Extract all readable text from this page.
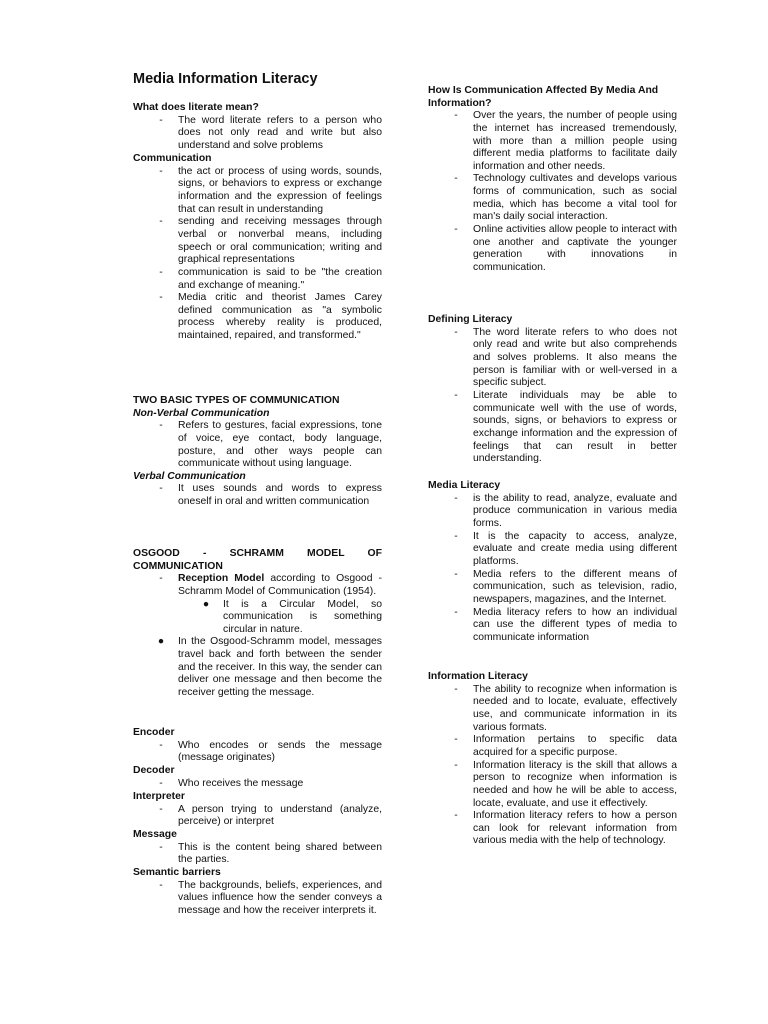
Media Information Literacy
What does literate mean?
-	The word literate refers to a person who does not only read and write but also understand and solve problems
Communication
-	the act or process of using words, sounds, signs, or behaviors to express or exchange information and the expression of feelings that can result in understanding
-	sending and receiving messages through verbal or nonverbal means, including speech or oral communication; writing and graphical representations
-	communication is said to be "the creation and exchange of meaning."
-	Media critic and theorist James Carey defined communication as "a symbolic process whereby reality is produced, maintained, repaired, and transformed."
TWO BASIC TYPES OF COMMUNICATION
Non-Verbal Communication
-	Refers to gestures, facial expressions, tone of voice, eye contact, body language, posture, and other ways people can communicate without using language.
Verbal Communication
-	It uses sounds and words to express oneself in oral and written communication
OSGOOD - SCHRAMM MODEL OF COMMUNICATION
-	Reception Model according to Osgood - Schramm Model of Communication (1954).
● It is a Circular Model, so communication is something circular in nature.
● In the Osgood-Schramm model, messages travel back and forth between the sender and the receiver. In this way, the sender can deliver one message and then become the receiver getting the message.
Encoder
-	Who encodes or sends the message (message originates)
Decoder
-	Who receives the message
Interpreter
-	A person trying to understand (analyze, perceive) or interpret
Message
-	This is the content being shared between the parties.
Semantic barriers
-	The backgrounds, beliefs, experiences, and values influence how the sender conveys a message and how the receiver interprets it.
How Is Communication Affected By Media And Information?
-	Over the years, the number of people using the internet has increased tremendously, with more than a million people using different media platforms to facilitate daily information and other needs.
-	Technology cultivates and develops various forms of communication, such as social media, which has become a vital tool for man's daily social interaction.
-	Online activities allow people to interact with one another and captivate the younger generation with innovations in communication.
Defining Literacy
-	The word literate refers to who does not only read and write but also comprehends and solves problems. It also means the person is familiar with or well-versed in a specific subject.
-	Literate individuals may be able to communicate well with the use of words, sounds, signs, or behaviors to express or exchange information and the expression of feelings that can result in better understanding.
Media Literacy
-	is the ability to read, analyze, evaluate and produce communication in various media forms.
-	It is the capacity to access, analyze, evaluate and create media using different platforms.
-	Media refers to the different means of communication, such as television, radio, newspapers, magazines, and the Internet.
-	Media literacy refers to how an individual can use the different types of media to communicate information
Information Literacy
-	The ability to recognize when information is needed and to locate, evaluate, effectively use, and communicate information in its various formats.
-	Information pertains to specific data acquired for a specific purpose.
-	Information literacy is the skill that allows a person to recognize when information is needed and how he will be able to access, locate, evaluate, and use it effectively.
-	Information literacy refers to how a person can look for relevant information from various media with the help of technology.
